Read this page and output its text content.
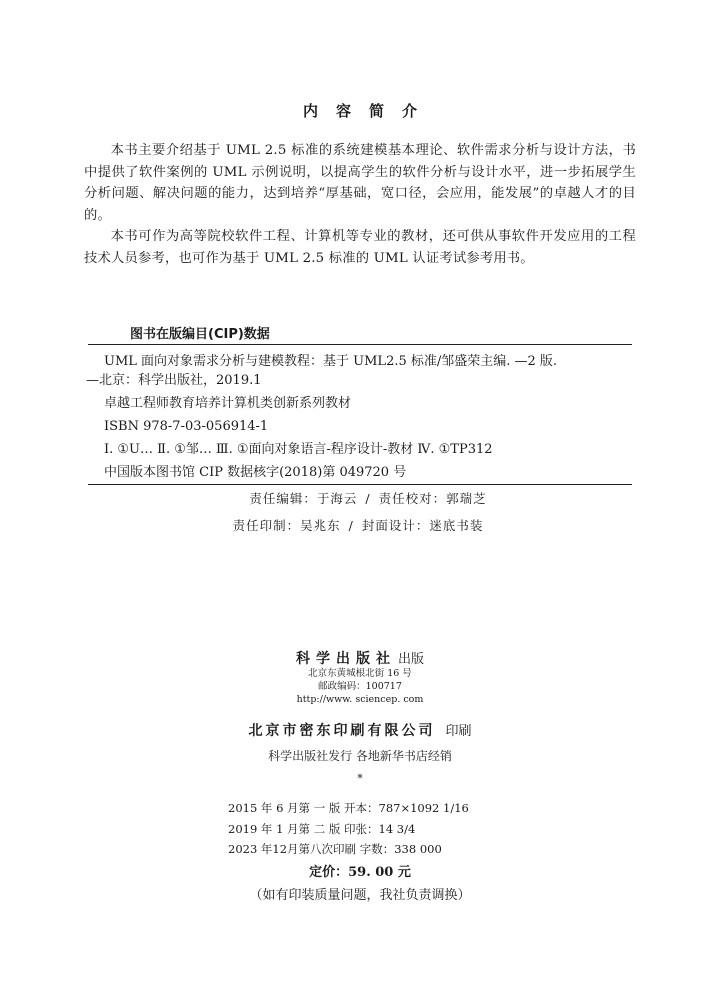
内容简介

本书主要介绍基于 UML 2.5 标准的系统建模基本理论、软件需求分析与设计方法，书中提供了软件案例的 UML 示例说明，以提高学生的软件分析与设计水平，进一步拓展学生分析问题、解决问题的能力，达到培养“厚基础，宽口径，会应用，能发展”的卓越人才的目的。

本书可作为高等院校软件工程、计算机等专业的教材，还可供从事软件开发应用的工程技术人员参考，也可作为基于 UML 2.5 标准的 UML 认证考试参考用书。

图书在版编目(CIP)数据
UML 面向对象需求分析与建模教程：基于 UML2.5 标准/邹盛荣主编. —2 版.
—北京：科学出版社，2019.1
卓越工程师教育培养计算机类创新系列教材
ISBN 978-7-03-056914-1
Ⅰ. ①U… Ⅱ. ①邹… Ⅲ. ①面向对象语言-程序设计-教材 Ⅳ. ①TP312
中国版本图书馆 CIP 数据核字(2018)第 049720 号
责任编辑：于海云 / 责任校对：郭瑞芝
责任印制：吴兆东 / 封面设计：迷底书装
科学出版社 出版
北京东黄城根北街 16 号
邮政编码：100717
http://www. sciencep. com
北京市密东印刷有限公司 印刷
科学出版社发行 各地新华书店经销
*
2015 年 6 月第 一 版 开本：787×1092 1/16
2019 年 1 月第 二 版 印张：14 3/4
2023 年12月第八次印刷 字数：338 000
定价：59. 00 元
（如有印装质量问题，我社负责调换）
